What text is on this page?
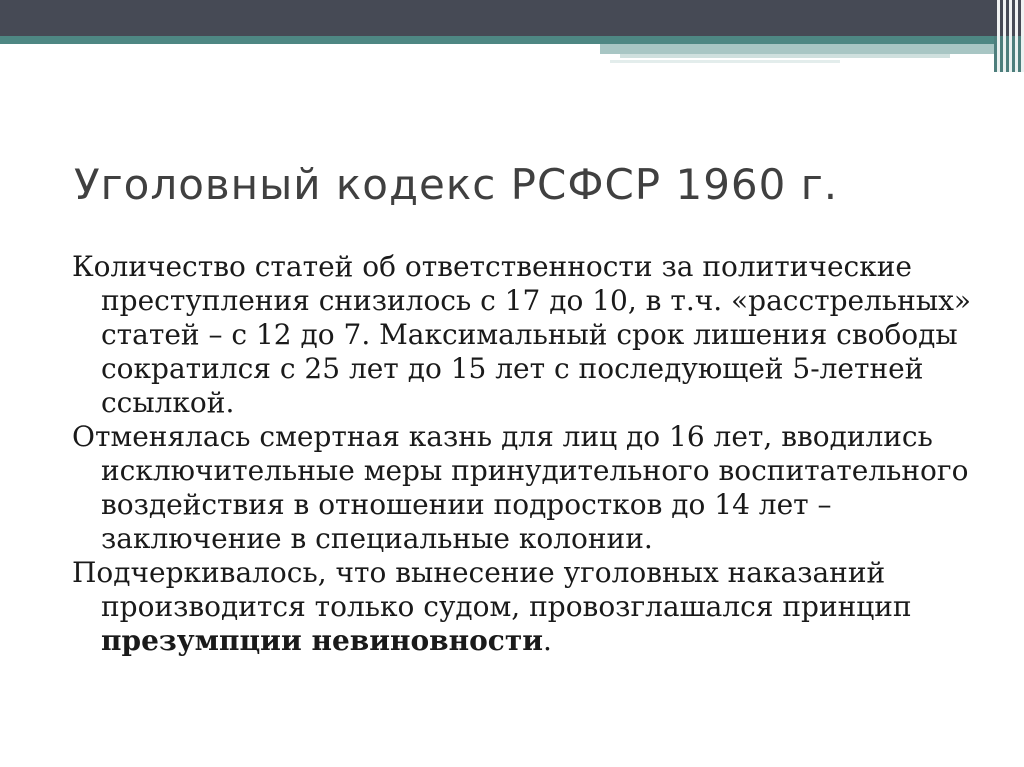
Уголовный кодекс РСФСР 1960 г.

Количество статей об ответственности за политические преступления снизилось с 17 до 10, в т.ч. «расстрельных» статей – с 12 до 7. Максимальный срок лишения свободы сократился с 25 лет до 15 лет с последующей 5-летней ссылкой.

Отменялась смертная казнь для лиц до 16 лет, вводились исключительные меры принудительного воспитательного воздействия в отношении подростков до 14 лет – заключение в специальные колонии.

Подчеркивалось, что вынесение уголовных наказаний производится только судом, провозглашался принцип презумпции невиновности.
